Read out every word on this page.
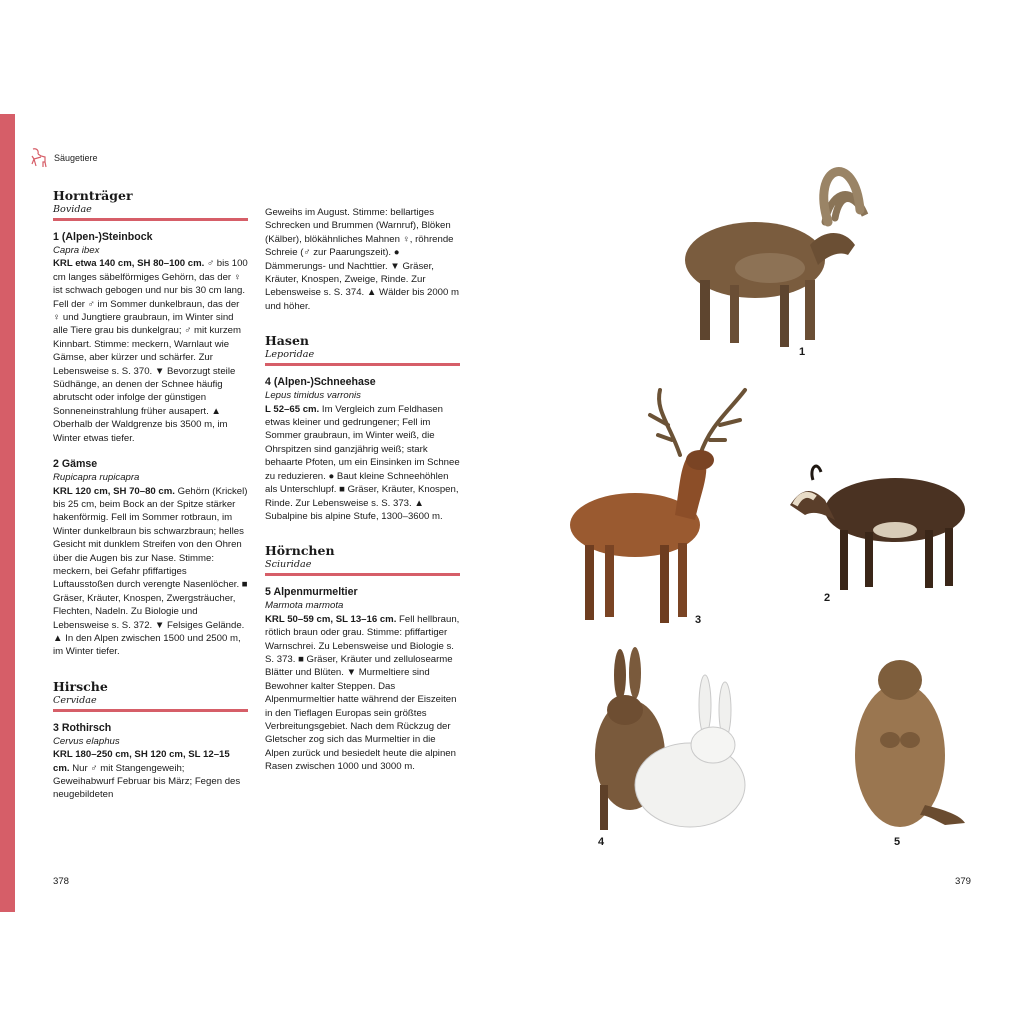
Säugetiere
Hornträger
Bovidae
1 (Alpen-)Steinbock
Capra ibex
KRL etwa 140 cm, SH 80–100 cm. ♂ bis 100 cm langes säbelförmiges Gehörn, das der ♀ ist schwach gebogen und nur bis 30 cm lang. Fell der ♂ im Sommer dunkelbraun, das der ♀ und Jungtiere graubraun, im Winter sind alle Tiere grau bis dunkelgrau; ♂ mit kurzem Kinnbart. Stimme: meckern, Warnlaut wie Gämse, aber kürzer und schärfer. Zur Lebensweise s. S. 370. ▼ Bevorzugt steile Südhänge, an denen der Schnee häufig abrutscht oder infolge der günstigen Sonneneinstrahlung früher ausapert. ▲ Oberhalb der Waldgrenze bis 3500 m, im Winter etwas tiefer.
2 Gämse
Rupicapra rupicapra
KRL 120 cm, SH 70–80 cm. Gehörn (Krickel) bis 25 cm, beim Bock an der Spitze stärker hakenförmig. Fell im Sommer rotbraun, im Winter dunkelbraun bis schwarzbraun; helles Gesicht mit dunklem Streifen von den Ohren über die Augen bis zur Nase. Stimme: meckern, bei Gefahr pfiffartiges Luftausstoßen durch verengte Nasenlöcher. ■ Gräser, Kräuter, Knospen, Zwergsträucher, Flechten, Nadeln. Zu Biologie und Lebensweise s. S. 372. ▼ Felsiges Gelände. ▲ In den Alpen zwischen 1500 und 2500 m, im Winter tiefer.
Hirsche
Cervidae
3 Rothirsch
Cervus elaphus
KRL 180–250 cm, SH 120 cm, SL 12–15 cm. Nur ♂ mit Stangengeweih; Geweihabwurf Februar bis März; Fegen des neugebildeten
Geweihs im August. Stimme: bellartiges Schrecken und Brummen (Warnruf), Blöken (Kälber), blökähnliches Mahnen ♀, röhrende Schreie (♂ zur Paarungszeit). ● Dämmerungs- und Nachttier. ▼ Gräser, Kräuter, Knospen, Zweige, Rinde. Zur Lebensweise s. S. 374. ▲ Wälder bis 2000 m und höher.
Hasen
Leporidae
4 (Alpen-)Schneehase
Lepus timidus varronis
L 52–65 cm. Im Vergleich zum Feldhasen etwas kleiner und gedrungener; Fell im Sommer graubraun, im Winter weiß, die Ohrspitzen sind ganzjährig weiß; stark behaarte Pfoten, um ein Einsinken im Schnee zu reduzieren. ● Baut kleine Schneehöhlen als Unterschlupf. ■ Gräser, Kräuter, Knospen, Rinde. Zur Lebensweise s. S. 373. ▲ Subalpine bis alpine Stufe, 1300–3600 m.
Hörnchen
Sciuridae
5 Alpenmurmeltier
Marmota marmota
KRL 50–59 cm, SL 13–16 cm. Fell hellbraun, rötlich braun oder grau. Stimme: pfiffartiger Warnschrei. Zu Lebensweise und Biologie s. S. 373. ■ Gräser, Kräuter und zellulosearme Blätter und Blüten. ▼ Murmeltiere sind Bewohner kalter Steppen. Das Alpenmurmeltier hatte während der Eiszeiten in den Tieflagen Europas sein größtes Verbreitungsgebiet. Nach dem Rückzug der Gletscher zog sich das Murmeltier in die Alpen zurück und besiedelt heute die alpinen Rasen zwischen 1000 und 3000 m.
378	379
1
3
2
4	5
